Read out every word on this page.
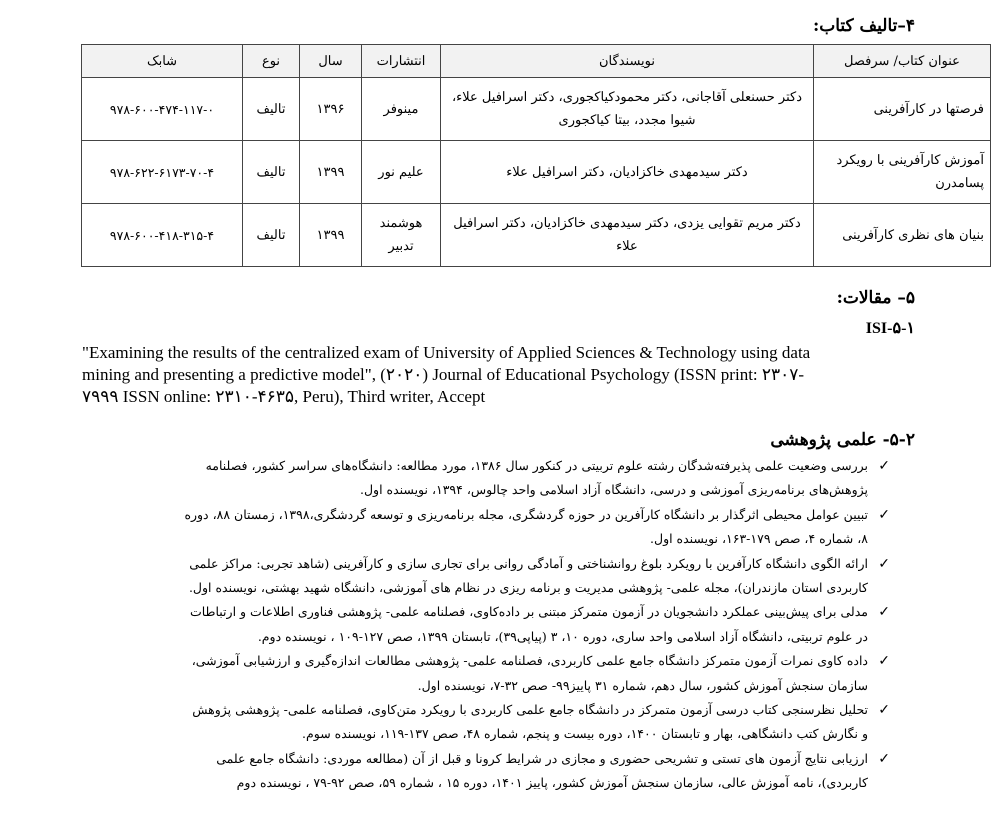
۴–تالیف کتاب:
عنوان کتاب/ سرفصل	نویسندگان	انتشارات	سال	نوع	شابک
فرصتها در کارآفرینی	دکتر حسنعلی آقاجانی، دکتر محمودکیاکجوری، دکتر اسرافیل علاء، شیوا مجدد، بیتا کیاکجوری	مینوفر	۱۳۹۶	تالیف	۹۷۸-۶۰۰-۴۷۴-۱۱۷-۰
آموزش کارآفرینی با رویکرد پسامدرن	دکتر سیدمهدی خاکزادیان، دکتر اسرافیل علاء	علیم نور	۱۳۹۹	تالیف	۹۷۸-۶۲۲-۶۱۷۳-۷۰-۴
بنیان های نظری کارآفرینی	دکتر مریم تقوایی یزدی، دکتر سیدمهدی خاکزادیان، دکتر اسرافیل علاء	هوشمند تدبیر	۱۳۹۹	تالیف	۹۷۸-۶۰۰-۴۱۸-۳۱۵-۴
۵– مقالات:
ISI-۵-۱
"Examining the results of the centralized exam of University of Applied Sciences & Technology using data
mining and presenting a predictive model", (۲۰۲۰) Journal of Educational Psychology (ISSN print: ۲۳۰۷-
۷۹۹۹ ISSN online: ۲۳۱۰-۴۶۳۵, Peru), Third writer, Accept
۵-۲- علمی پژوهشی
✓
بررسی وضعیت علمی پذیرفته‌شدگان رشته علوم تربیتی در کنکور سال ۱۳۸۶، مورد مطالعه: دانشگاه‌های سراسر کشور، فصلنامه
پژوهش‌های برنامه‌ریزی آموزشی و درسی، دانشگاه آزاد اسلامی واحد چالوس، ۱۳۹۴، نویسنده اول.
✓
تبیین عوامل محیطی اثرگذار بر دانشگاه کارآفرین در حوزه گردشگری، مجله برنامه‌ریزی و توسعه گردشگری،۱۳۹۸، زمستان ۸۸، دوره
۸، شماره ۴، صص ۱۷۹-۱۶۳، نویسنده اول.
✓
ارائه الگوی دانشگاه کارآفرین با رویکرد بلوغ روانشناختی و آمادگی روانی برای تجاری سازی و کارآفرینی (شاهد تجربی: مراکز علمی
کاربردی استان مازندران)، مجله علمی- پژوهشی مدیریت و برنامه ریزی در نظام های آموزشی، دانشگاه شهید بهشتی، نویسنده اول.
✓
مدلی برای پیش‌بینی عملکرد دانشجویان در آزمون متمرکز مبتنی بر داده‌کاوی، فصلنامه علمی- پژوهشی فناوری اطلاعات و ارتباطات
در علوم تربیتی، دانشگاه آزاد اسلامی واحد ساری، دوره ۱۰، ۳ (پیاپی۳۹)، تابستان ۱۳۹۹، صص ۱۲۷-۱۰۹ ، نویسنده دوم.
✓
داده کاوی نمرات آزمون متمرکز دانشگاه جامع علمی کاربردی، فصلنامه علمی- پژوهشی مطالعات اندازه‌گیری و ارزشیابی آموزشی،
سازمان سنجش آموزش کشور، سال دهم، شماره ۳۱ پاییز۹۹- صص ۳۲-۷، نویسنده اول.
✓
تحلیل نظرسنجی کتاب درسی آزمون متمرکز در دانشگاه جامع علمی کاربردی با رویکرد متن‌کاوی، فصلنامه علمی- پژوهشی پژوهش
و نگارش کتب دانشگاهی، بهار و تابستان ۱۴۰۰، دوره بیست و پنجم، شماره ۴۸، صص ۱۳۷-۱۱۹، نویسنده سوم.
✓
ارزیابی نتایج آزمون های تستی و تشریحی حضوری و مجازی در شرایط کرونا و قبل از آن (مطالعه موردی: دانشگاه جامع علمی
کاربردی)، نامه آموزش عالی، سازمان سنجش آموزش کشور، پاییز ۱۴۰۱، دوره ۱۵ ، شماره ۵۹، صص ۹۲-۷۹ ، نویسنده دوم
